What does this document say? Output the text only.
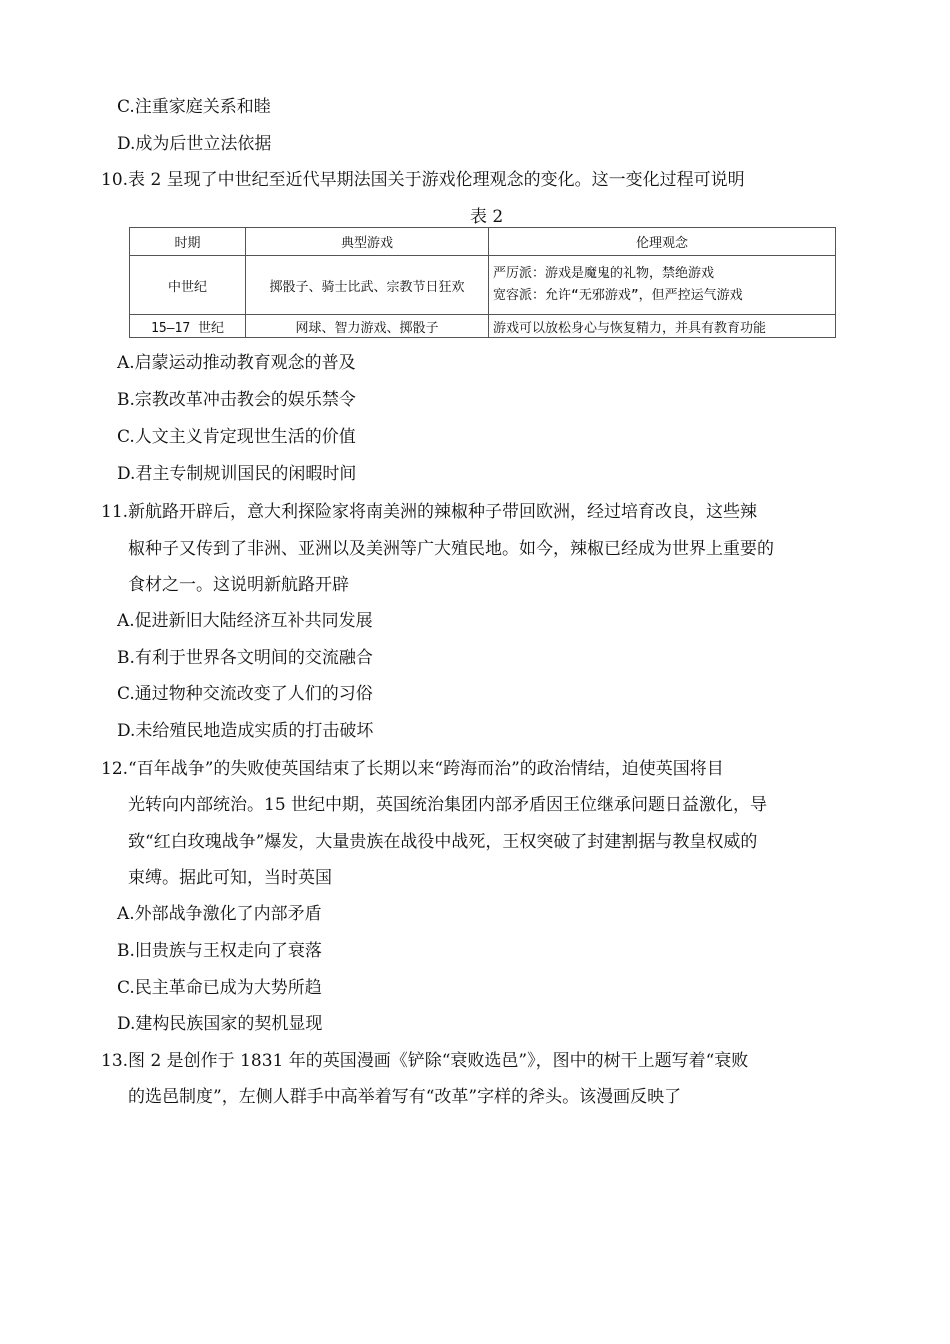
C.注重家庭关系和睦
D.成为后世立法依据
10.表 2 呈现了中世纪至近代早期法国关于游戏伦理观念的变化。这一变化过程可说明
表 2
时期	典型游戏	伦理观念
中世纪	掷骰子、骑士比武、宗教节日狂欢	严厉派：游戏是魔鬼的礼物，禁绝游戏
宽容派：允许“无邪游戏”，但严控运气游戏

15—17 世纪	网球、智力游戏、掷骰子	游戏可以放松身心与恢复精力，并具有教育功能
A.启蒙运动推动教育观念的普及
B.宗教改革冲击教会的娱乐禁令
C.人文主义肯定现世生活的价值
D.君主专制规训国民的闲暇时间
11.新航路开辟后，意大利探险家将南美洲的辣椒种子带回欧洲，经过培育改良，这些辣
椒种子又传到了非洲、亚洲以及美洲等广大殖民地。如今，辣椒已经成为世界上重要的
食材之一。这说明新航路开辟
A.促进新旧大陆经济互补共同发展
B.有利于世界各文明间的交流融合
C.通过物种交流改变了人们的习俗
D.未给殖民地造成实质的打击破坏
12.“百年战争”的失败使英国结束了长期以来“跨海而治”的政治情结，迫使英国将目
光转向内部统治。15 世纪中期，英国统治集团内部矛盾因王位继承问题日益激化，导
致“红白玫瑰战争”爆发，大量贵族在战役中战死，王权突破了封建割据与教皇权威的
束缚。据此可知，当时英国
A.外部战争激化了内部矛盾
B.旧贵族与王权走向了衰落
C.民主革命已成为大势所趋
D.建构民族国家的契机显现
13.图 2 是创作于 1831 年的英国漫画《铲除“衰败选邑”》，图中的树干上题写着“衰败
的选邑制度”，左侧人群手中高举着写有“改革”字样的斧头。该漫画反映了
